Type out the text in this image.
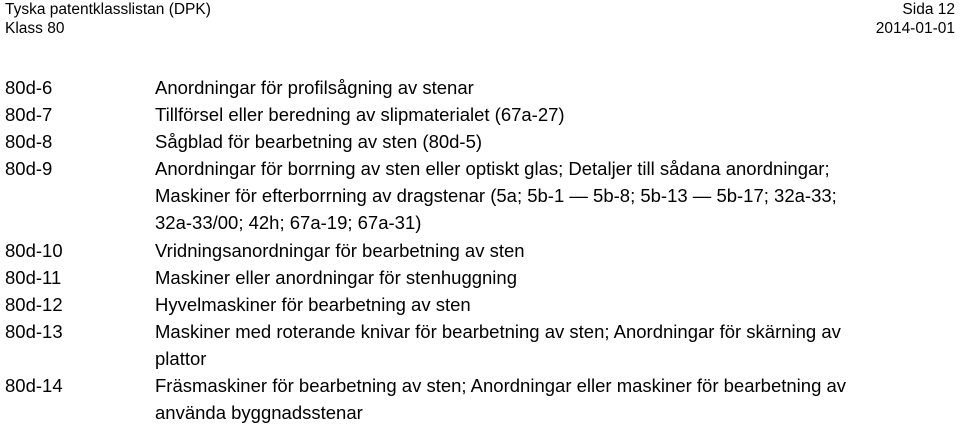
Tyska patentklasslistan (DPK)	Sida 12
Klass 80	2014-01-01
80d-6	Anordningar för profilsågning av stenar
80d-7	Tillförsel eller beredning av slipmaterialet (67a-27)
80d-8	Sågblad för bearbetning av sten (80d-5)
80d-9	Anordningar för borrning av sten eller optiskt glas; Detaljer till sådana anordningar;
Maskiner för efterborrning av dragstenar (5a; 5b-1 — 5b-8; 5b-13 — 5b-17; 32a-33;
32a-33/00; 42h; 67a-19; 67a-31)
80d-10	Vridningsanordningar för bearbetning av sten
80d-11	Maskiner eller anordningar för stenhuggning
80d-12	Hyvelmaskiner för bearbetning av sten
80d-13	Maskiner med roterande knivar för bearbetning av sten; Anordningar för skärning av
plattor
80d-14	Fräsmaskiner för bearbetning av sten; Anordningar eller maskiner för bearbetning av
använda byggnadsstenar
